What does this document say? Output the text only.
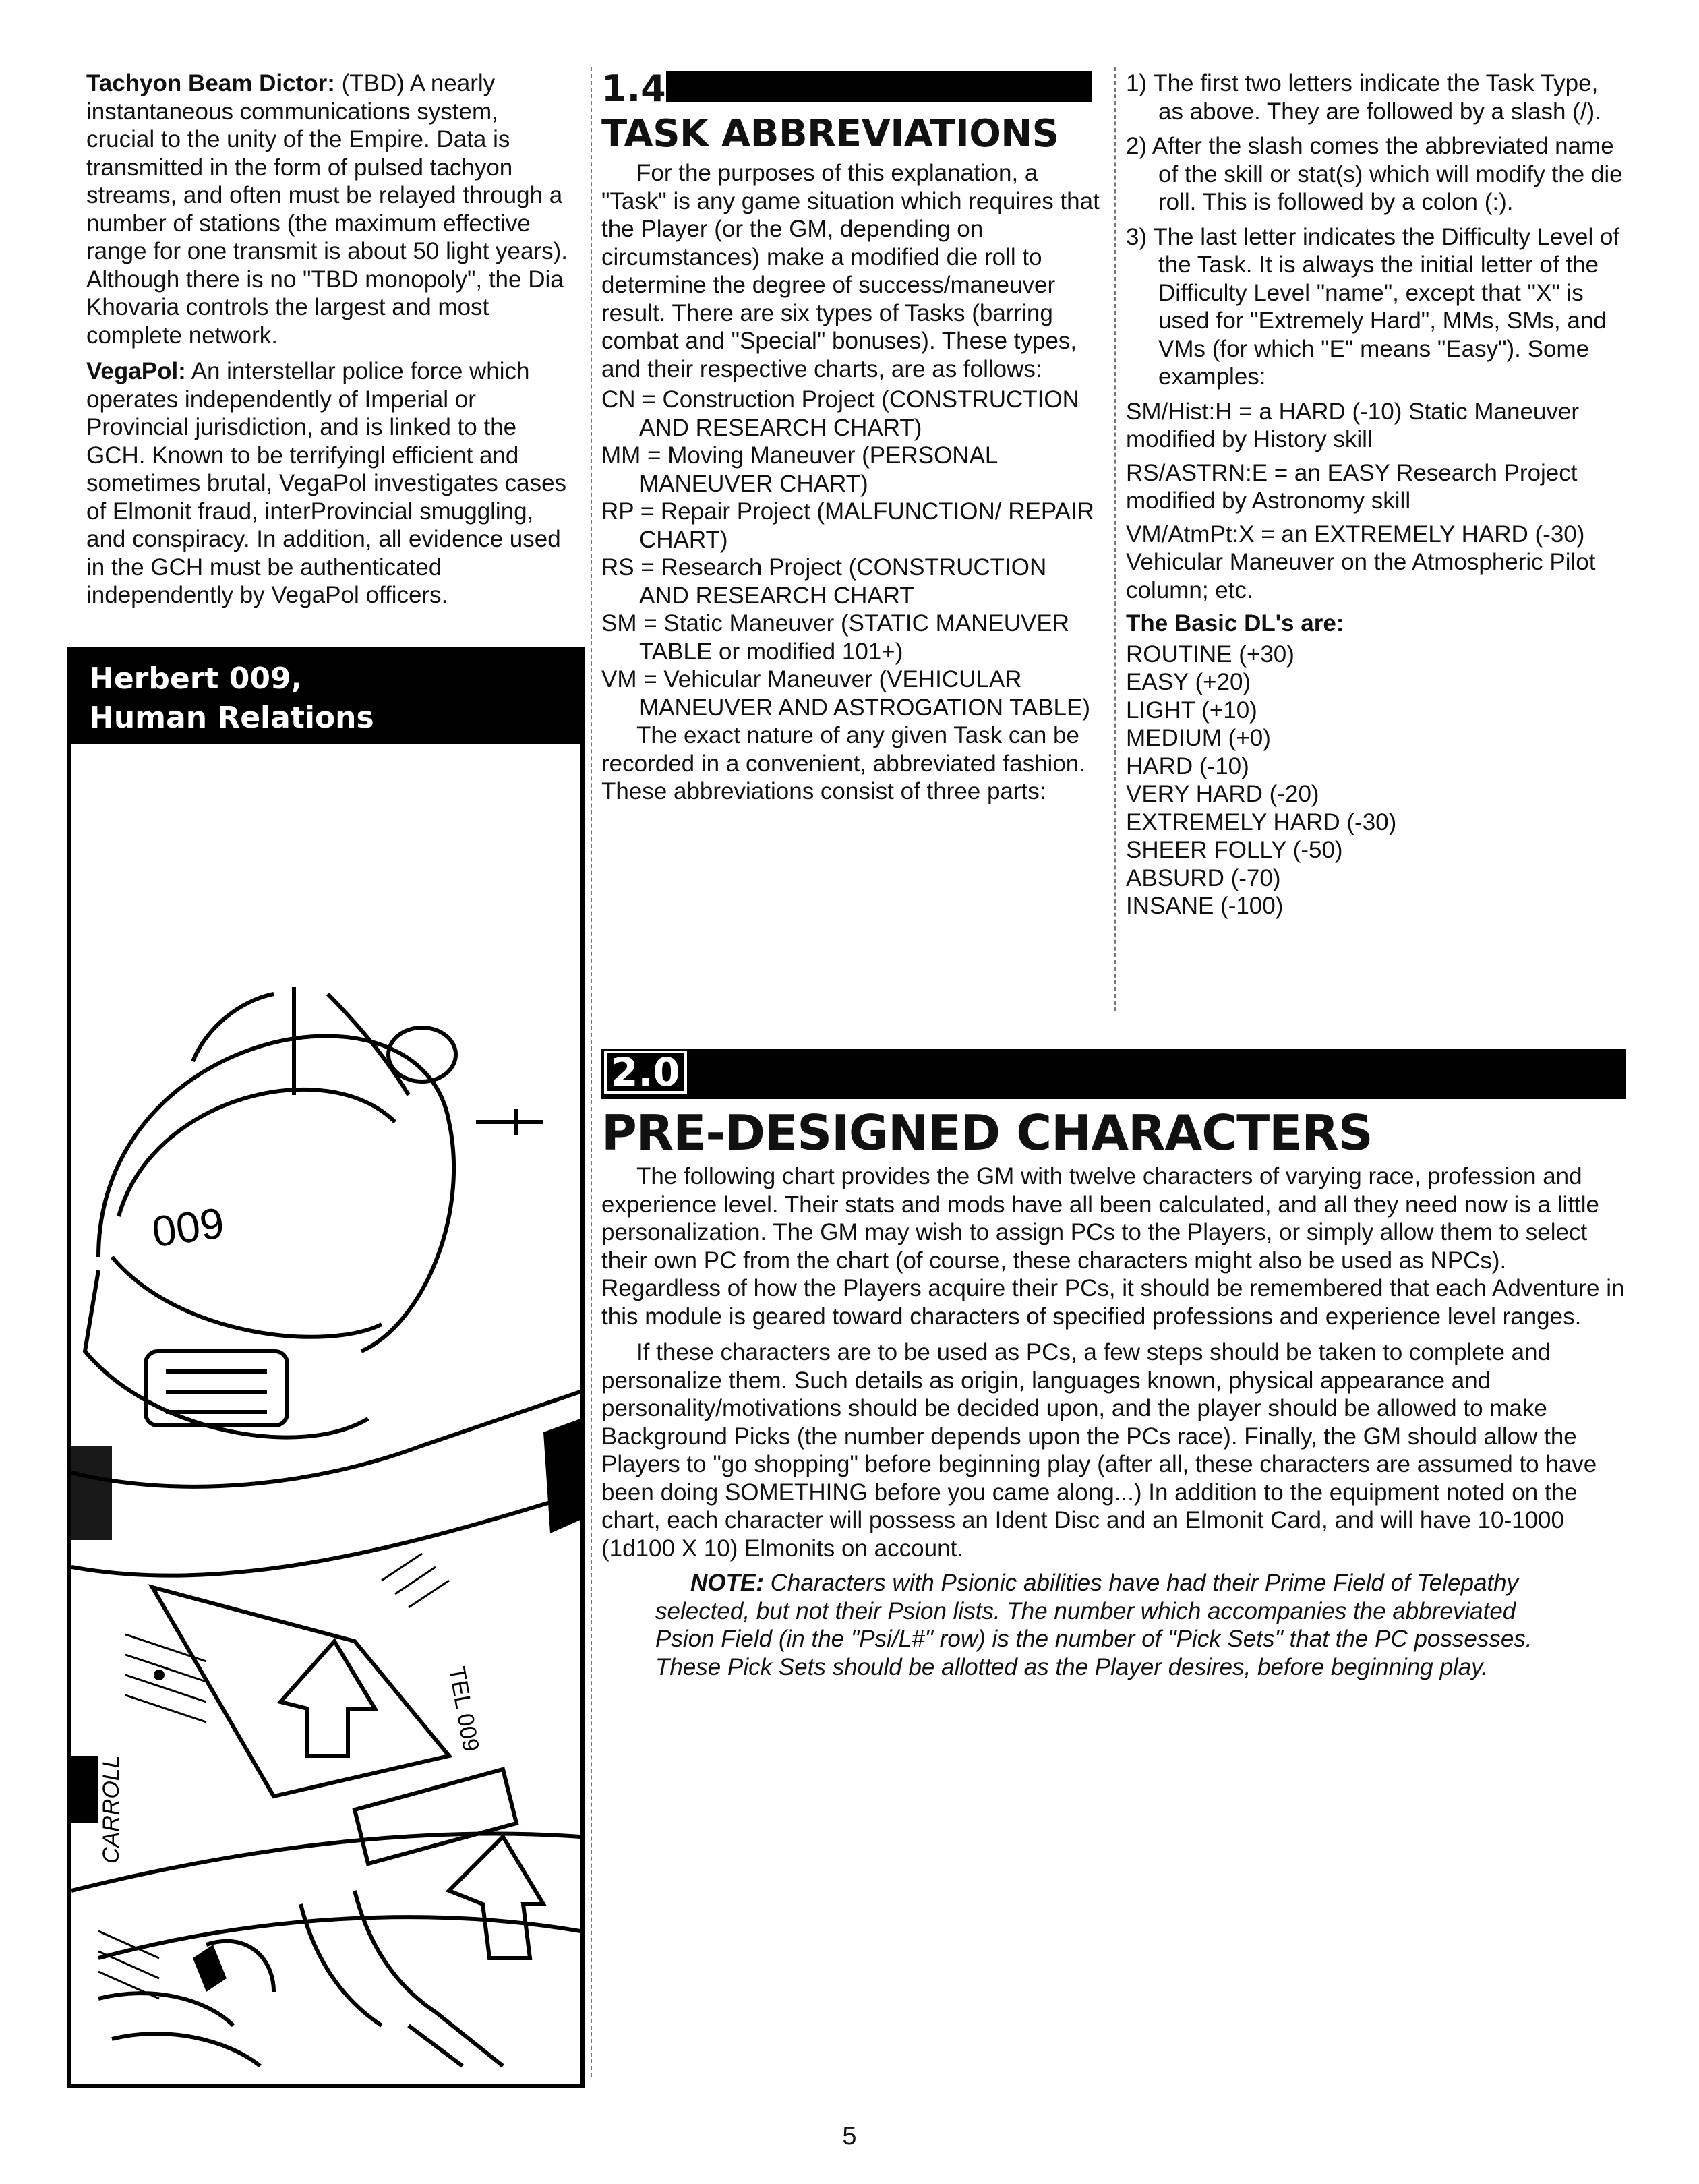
Tachyon Beam Dictor: (TBD) A nearly instantaneous communications system, crucial to the unity of the Empire. Data is transmitted in the form of pulsed tachyon streams, and often must be relayed through a number of stations (the maximum effective range for one transmit is about 50 light years). Although there is no "TBD monopoly", the Dia Khovaria controls the largest and most complete network.

VegaPol: An interstellar police force which operates independently of Imperial or Provincial jurisdiction, and is linked to the GCH. Known to be terrifyingl efficient and sometimes brutal, VegaPol investigates cases of Elmonit fraud, interProvincial smuggling, and conspiracy. In addition, all evidence used in the GCH must be authenticated independently by VegaPol officers.

Herbert 009,
Human Relations
009
TEL 009
CARROLL
1.4
TASK ABBREVIATIONS

For the purposes of this explanation, a "Task" is any game situation which requires that the Player (or the GM, depending on circumstances) make a modified die roll to determine the degree of success/maneuver result. There are six types of Tasks (barring combat and "Special" bonuses). These types, and their respective charts, are as follows:

CN = Construction Project (CONSTRUCTION AND RESEARCH CHART)

MM = Moving Maneuver (PERSONAL MANEUVER CHART)

RP = Repair Project (MALFUNCTION/ REPAIR CHART)

RS = Research Project (CONSTRUCTION AND RESEARCH CHART

SM = Static Maneuver (STATIC MANEUVER TABLE or modified 101+)

VM = Vehicular Maneuver (VEHICULAR MANEUVER AND ASTROGATION TABLE)

The exact nature of any given Task can be recorded in a convenient, abbreviated fashion. These abbreviations consist of three parts:

1) The first two letters indicate the Task Type, as above. They are followed by a slash (/).

2) After the slash comes the abbreviated name of the skill or stat(s) which will modify the die roll. This is followed by a colon (:).

3) The last letter indicates the Difficulty Level of the Task. It is always the initial letter of the Difficulty Level "name", except that "X" is used for "Extremely Hard", MMs, SMs, and VMs (for which "E" means "Easy"). Some examples:

SM/Hist:H = a HARD (-10) Static Maneuver modified by History skill

RS/ASTRN:E = an EASY Research Project modified by Astronomy skill

VM/AtmPt:X = an EXTREMELY HARD (-30) Vehicular Maneuver on the Atmospheric Pilot column; etc.

The Basic DL's are:

ROUTINE (+30)
EASY (+20)
LIGHT (+10)
MEDIUM (+0)
HARD (-10)
VERY HARD (-20)
EXTREMELY HARD (-30)
SHEER FOLLY (-50)
ABSURD (-70)
INSANE (-100)
2.0
PRE-DESIGNED CHARACTERS

The following chart provides the GM with twelve characters of varying race, profession and experience level. Their stats and mods have all been calculated, and all they need now is a little personalization. The GM may wish to assign PCs to the Players, or simply allow them to select their own PC from the chart (of course, these characters might also be used as NPCs). Regardless of how the Players acquire their PCs, it should be remembered that each Adventure in this module is geared toward characters of specified professions and experience level ranges.

If these characters are to be used as PCs, a few steps should be taken to complete and personalize them. Such details as origin, languages known, physical appearance and personality/motivations should be decided upon, and the player should be allowed to make Background Picks (the number depends upon the PCs race). Finally, the GM should allow the Players to "go shopping" before beginning play (after all, these characters are assumed to have been doing SOMETHING before you came along...) In addition to the equipment noted on the chart, each character will possess an Ident Disc and an Elmonit Card, and will have 10-1000 (1d100 X 10) Elmonits on account.

NOTE: Characters with Psionic abilities have had their Prime Field of Telepathy selected, but not their Psion lists. The number which accompanies the abbreviated Psion Field (in the "Psi/L#" row) is the number of "Pick Sets" that the PC possesses. These Pick Sets should be allotted as the Player desires, before beginning play.

5
